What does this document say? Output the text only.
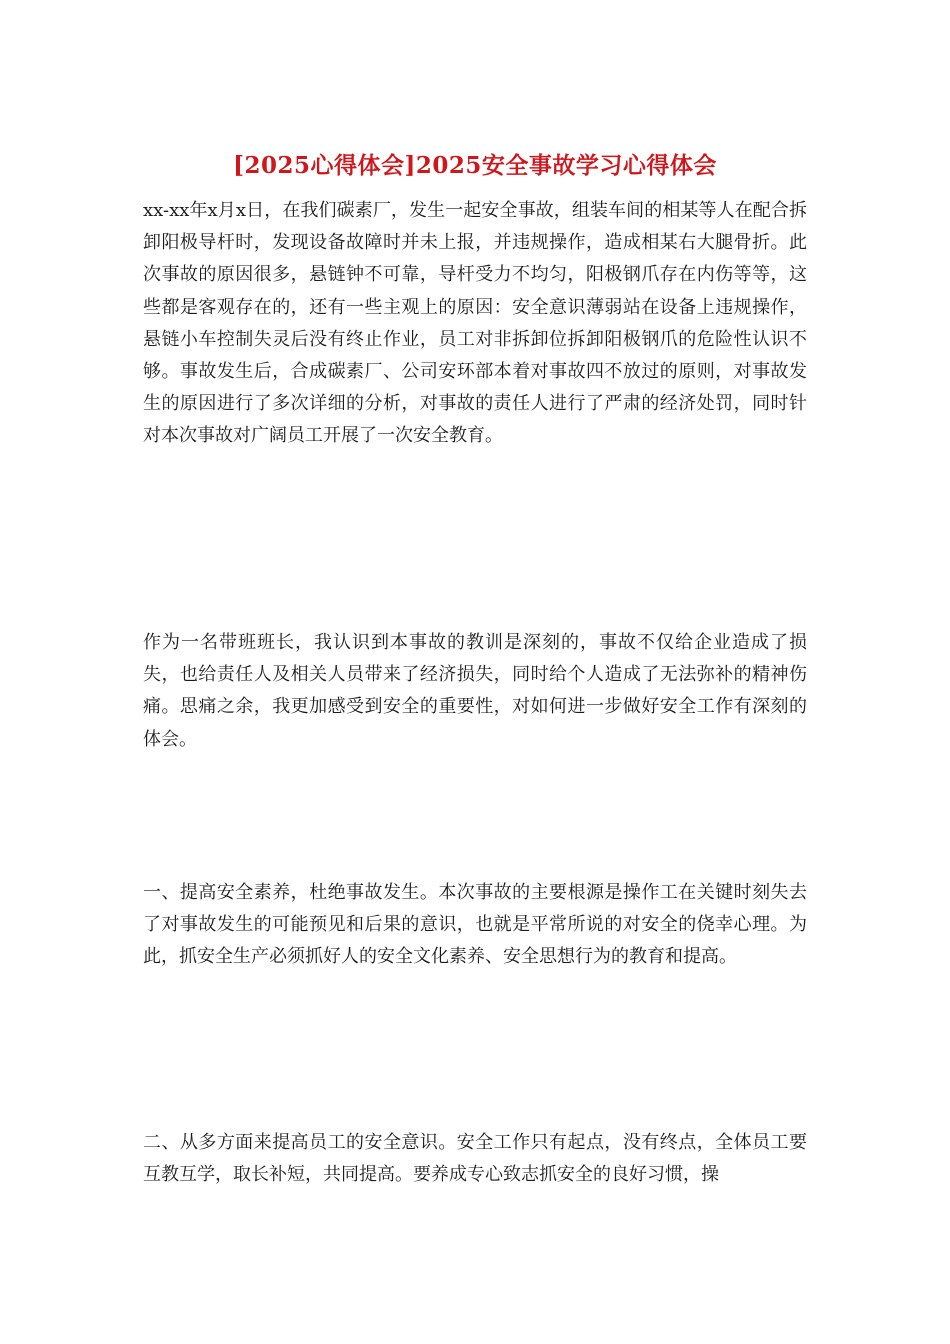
[2025心得体会]2025安全事故学习心得体会

xx-xx年x月x日，在我们碳素厂，发生一起安全事故，组装车间的相某等人在配合拆卸阳极导杆时，发现设备故障时并未上报，并违规操作，造成相某右大腿骨折。此次事故的原因很多，悬链钟不可靠，导杆受力不均匀，阳极钢爪存在内伤等等，这些都是客观存在的，还有一些主观上的原因：安全意识薄弱站在设备上违规操作，悬链小车控制失灵后没有终止作业，员工对非拆卸位拆卸阳极钢爪的危险性认识不够。事故发生后，合成碳素厂、公司安环部本着对事故四不放过的原则，对事故发生的原因进行了多次详细的分析，对事故的责任人进行了严肃的经济处罚，同时针对本次事故对广阔员工开展了一次安全教育。

作为一名带班班长，我认识到本事故的教训是深刻的，事故不仅给企业造成了损失，也给责任人及相关人员带来了经济损失，同时给个人造成了无法弥补的精神伤痛。思痛之余，我更加感受到安全的重要性，对如何进一步做好安全工作有深刻的体会。

一、提高安全素养，杜绝事故发生。本次事故的主要根源是操作工在关键时刻失去了对事故发生的可能预见和后果的意识，也就是平常所说的对安全的侥幸心理。为此，抓安全生产必须抓好人的安全文化素养、安全思想行为的教育和提高。

二、从多方面来提高员工的安全意识。安全工作只有起点，没有终点，全体员工要互教互学，取长补短，共同提高。要养成专心致志抓安全的良好习惯，操
